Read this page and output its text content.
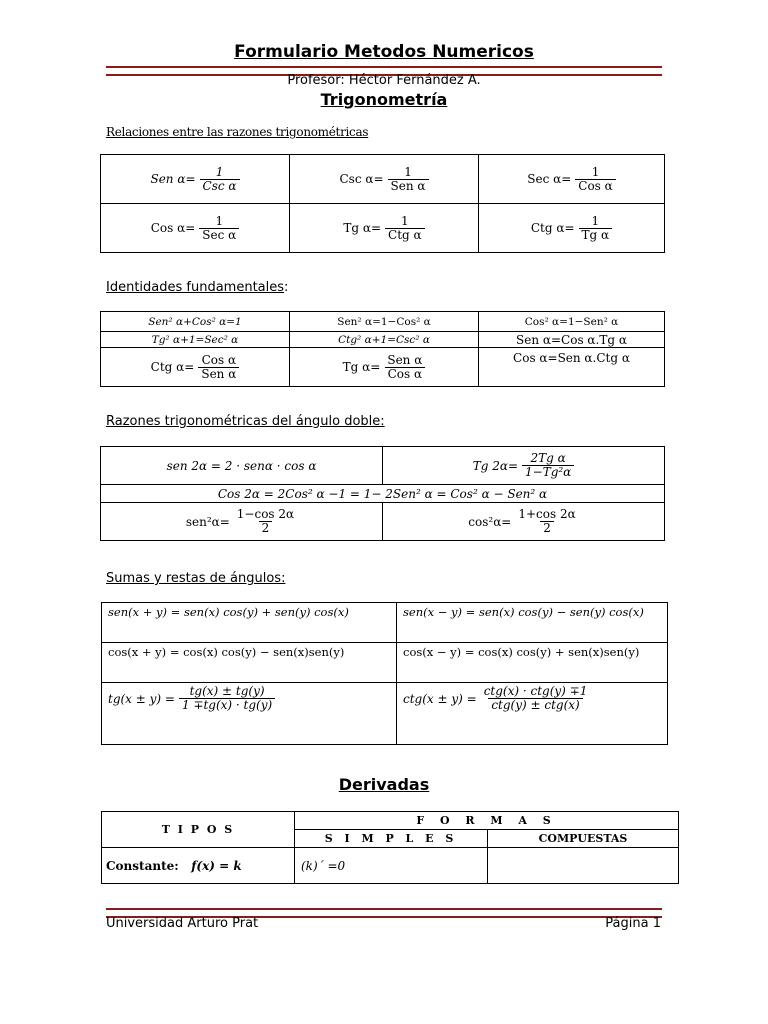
Formulario Metodos Numericos
Profesor: Héctor Fernández A.
Trigonometría
Relaciones entre las razones trigonométricas
Sen $\alpha= \frac{1}{\text{Csc α}}$	Csc $\alpha= \frac{1}{\text{Sen α}}$	Sec $\alpha= \frac{1}{\text{Cos α}}$

Cos $\alpha= \frac{1}{\text{Sec α}}$	Tg $\alpha= \frac{1}{\text{Ctg α}}$	Ctg $\alpha= \frac{1}{\text{Tg α}}$
Identidades fundamentales:
Sen² α+Cos² α=1	Sen² α=1−Cos² α	Cos² α=1−Sen² α
Tg² α+1=Sec² α	Ctg² α+1=Csc² α	Sen α=Cos α.Tg α

Ctg $\alpha= \frac{\text{Cos α}}{\text{Sen α}}$	Tg $\alpha= \frac{\text{Sen α}}{\text{Cos α}}$	Cos α=Sen α.Ctg α
Razones trigonométricas del ángulo doble:
sen 2α = 2 · senα · cos α	Tg $2\alpha= \frac{\text{2Tg α}}{\text{1−Tg²α}}$

Cos 2α = 2Cos² α −1 = 1− 2Sen² α = Cos² α − Sen² α	

$sen^2\alpha= \frac{1-\cos 2\alpha}{2}$	$\cos^2\alpha= \frac{1+\cos 2\alpha}{2}$
Sumas y restas de ángulos:
sen(x + y) = sen(x) cos(y) + sen(y) cos(x)	sen(x − y) = sen(x) cos(y) − sen(y) cos(x)
cos(x + y) = cos(x) cos(y) − sen(x)sen(y)	cos(x − y) = cos(x) cos(y) + sen(x)sen(y)

$tg(x \pm y) = \frac{tg(x) \pm tg(y)}{1 \mp tg(x) \cdot tg(y)}$	$ctg(x \pm y) = \frac{\text{ctg(x) · ctg(y) ∓1}}{\text{ctg(y) ± ctg(x)}}$
Derivadas
T I P O S	F O R M A S	
	S I M P L E S	COMPUESTAS
Constante: f(x) = k	(k)´ =0	
Universidad Arturo Prat	Página 1
